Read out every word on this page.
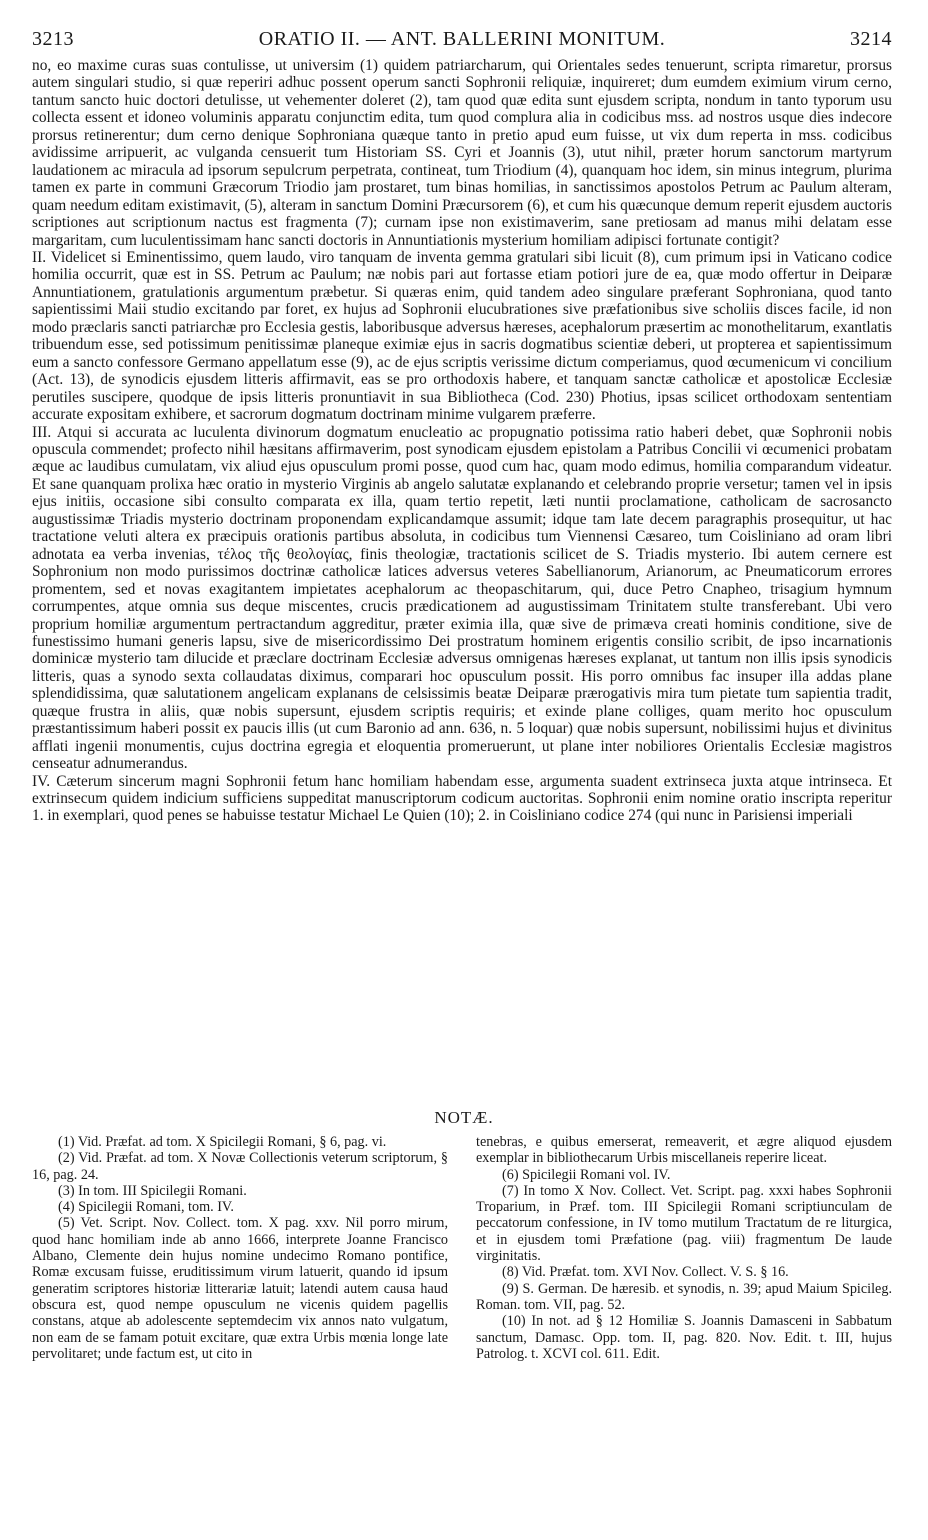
3213	ORATIO II. — ANT. BALLERINI MONITUM.	3214

no, eo maxime curas suas contulisse, ut universim (1) quidem patriarcharum, qui Orientales sedes tenuerunt, scripta rimaretur, prorsus autem singulari studio, si quæ reperiri adhuc possent operum sancti Sophronii reliquiæ, inquireret; dum eumdem eximium virum cerno, tantum sancto huic doctori detulisse, ut vehementer doleret (2), tam quod quæ edita sunt ejusdem scripta, nondum in tanto typorum usu collecta essent et idoneo voluminis apparatu conjunctim edita, tum quod complura alia in codicibus mss. ad nostros usque dies indecore prorsus retinerentur; dum cerno denique Sophroniana quæque tanto in pretio apud eum fuisse, ut vix dum reperta in mss. codicibus avidissime arripuerit, ac vulganda censuerit tum Historiam SS. Cyri et Joannis (3), utut nihil, præter horum sanctorum martyrum laudationem ac miracula ad ipsorum sepulcrum perpetrata, contineat, tum Triodium (4), quanquam hoc idem, sin minus integrum, plurima tamen ex parte in communi Græcorum Triodio jam prostaret, tum binas homilias, in sanctissimos apostolos Petrum ac Paulum alteram, quam needum editam existimavit, (5), alteram in sanctum Domini Præcursorem (6), et cum his quæcunque demum reperit ejusdem auctoris scriptiones aut scriptionum nactus est fragmenta (7); curnam ipse non existimaverim, sane pretiosam ad manus mihi delatam esse margaritam, cum luculentissimam hanc sancti doctoris in Annuntiationis mysterium homiliam adipisci fortunate contigit?

II. Videlicet si Eminentissimo, quem laudo, viro tanquam de inventa gemma gratulari sibi licuit (8), cum primum ipsi in Vaticano codice homilia occurrit, quæ est in SS. Petrum ac Paulum; næ nobis pari aut fortasse etiam potiori jure de ea, quæ modo offertur in Deiparæ Annuntiationem, gratulationis argumentum præbetur. Si quæras enim, quid tandem adeo singulare præferant Sophroniana, quod tanto sapientissimi Maii studio excitando par foret, ex hujus ad Sophronii elucubrationes sive præfationibus sive scholiis disces facile, id non modo præclaris sancti patriarchæ pro Ecclesia gestis, laboribusque adversus hæreses, acephalorum præsertim ac monothelitarum, exantlatis tribuendum esse, sed potissimum penitissimæ planeque eximiæ ejus in sacris dogmatibus scientiæ deberi, ut propterea et sapientissimum eum a sancto confessore Germano appellatum esse (9), ac de ejus scriptis verissime dictum comperiamus, quod œcumenicum vi concilium (Act. 13), de synodicis ejusdem litteris affirmavit, eas se pro orthodoxis habere, et tanquam sanctæ catholicæ et apostolicæ Ecclesiæ perutiles suscipere, quodque de ipsis litteris pronuntiavit in sua Bibliotheca (Cod. 230) Photius, ipsas scilicet orthodoxam sententiam accurate expositam exhibere, et sacrorum dogmatum doctrinam minime vulgarem præferre.

III. Atqui si accurata ac luculenta divinorum dogmatum enucleatio ac propugnatio potissima ratio haberi debet, quæ Sophronii nobis opuscula commendet; profecto nihil hæsitans affirmaverim, post synodicam ejusdem epistolam a Patribus Concilii vi œcumenici probatam æque ac laudibus cumulatam, vix aliud ejus opusculum promi posse, quod cum hac, quam modo edimus, homilia comparandum videatur. Et sane quanquam prolixa hæc oratio in mysterio Virginis ab angelo salutatæ explanando et celebrando proprie versetur; tamen vel in ipsis ejus initiis, occasione sibi consulto comparata ex illa, quam tertio repetit, læti nuntii proclamatione, catholicam de sacrosancto augustissimæ Triadis mysterio doctrinam proponendam explicandamque assumit; idque tam late decem paragraphis prosequitur, ut hac tractatione veluti altera ex præcipuis orationis partibus absoluta, in codicibus tum Viennensi Cæsareo, tum Coisliniano ad oram libri adnotata ea verba invenias, τέλος τῆς θεολογίας, finis theologiæ, tractationis scilicet de S. Triadis mysterio. Ibi autem cernere est Sophronium non modo purissimos doctrinæ catholicæ latices adversus veteres Sabellianorum, Arianorum, ac Pneumaticorum errores promentem, sed et novas exagitantem impietates acephalorum ac theopaschitarum, qui, duce Petro Cnapheo, trisagium hymnum corrumpentes, atque omnia sus deque miscentes, crucis prædicationem ad augustissimam Trinitatem stulte transferebant. Ubi vero proprium homiliæ argumentum pertractandum aggreditur, præter eximia illa, quæ sive de primæva creati hominis conditione, sive de funestissimo humani generis lapsu, sive de misericordissimo Dei prostratum hominem erigentis consilio scribit, de ipso incarnationis dominicæ mysterio tam dilucide et præclare doctrinam Ecclesiæ adversus omnigenas hæreses explanat, ut tantum non illis ipsis synodicis litteris, quas a synodo sexta collaudatas diximus, comparari hoc opusculum possit. His porro omnibus fac insuper illa addas plane splendidissima, quæ salutationem angelicam explanans de celsissimis beatæ Deiparæ prærogativis mira tum pietate tum sapientia tradit, quæque frustra in aliis, quæ nobis supersunt, ejusdem scriptis requiris; et exinde plane colliges, quam merito hoc opusculum præstantissimum haberi possit ex paucis illis (ut cum Baronio ad ann. 636, n. 5 loquar) quæ nobis supersunt, nobilissimi hujus et divinitus afflati ingenii monumentis, cujus doctrina egregia et eloquentia promeruerunt, ut plane inter nobiliores Orientalis Ecclesiæ magistros censeatur adnumerandus.

IV. Cæterum sincerum magni Sophronii fetum hanc homiliam habendam esse, argumenta suadent extrinseca juxta atque intrinseca. Et extrinsecum quidem indicium sufficiens suppeditat manuscriptorum codicum auctoritas. Sophronii enim nomine oratio inscripta reperitur 1. in exemplari, quod penes se habuisse testatur Michael Le Quien (10); 2. in Coisliniano codice 274 (qui nunc in Parisiensi imperiali

NOTÆ.

(1) Vid. Præfat. ad tom. X Spicilegii Romani, § 6, pag. vi.

(2) Vid. Præfat. ad tom. X Novæ Collectionis veterum scriptorum, § 16, pag. 24.

(3) In tom. III Spicilegii Romani.

(4) Spicilegii Romani, tom. IV.

(5) Vet. Script. Nov. Collect. tom. X pag. xxv. Nil porro mirum, quod hanc homiliam inde ab anno 1666, interprete Joanne Francisco Albano, Clemente dein hujus nomine undecimo Romano pontifice, Romæ excusam fuisse, eruditissimum virum latuerit, quando id ipsum generatim scriptores historiæ litterariæ latuit; latendi autem causa haud obscura est, quod nempe opusculum ne vicenis quidem pagellis constans, atque ab adolescente septemdecim vix annos nato vulgatum, non eam de se famam potuit excitare, quæ extra Urbis mœnia longe late pervolitaret; unde factum est, ut cito in

tenebras, e quibus emerserat, remeaverit, et ægre aliquod ejusdem exemplar in bibliothecarum Urbis miscellaneis reperire liceat.

(6) Spicilegii Romani vol. IV.

(7) In tomo X Nov. Collect. Vet. Script. pag. xxxi habes Sophronii Troparium, in Præf. tom. III Spicilegii Romani scriptiunculam de peccatorum confessione, in IV tomo mutilum Tractatum de re liturgica, et in ejusdem tomi Præfatione (pag. viii) fragmentum De laude virginitatis.

(8) Vid. Præfat. tom. XVI Nov. Collect. V. S. § 16.

(9) S. German. De hæresib. et synodis, n. 39; apud Maium Spicileg. Roman. tom. VII, pag. 52.

(10) In not. ad § 12 Homiliæ S. Joannis Damasceni in Sabbatum sanctum, Damasc. Opp. tom. II, pag. 820. Nov. Edit. t. III, hujus Patrolog. t. XCVI col. 611. Edit.
